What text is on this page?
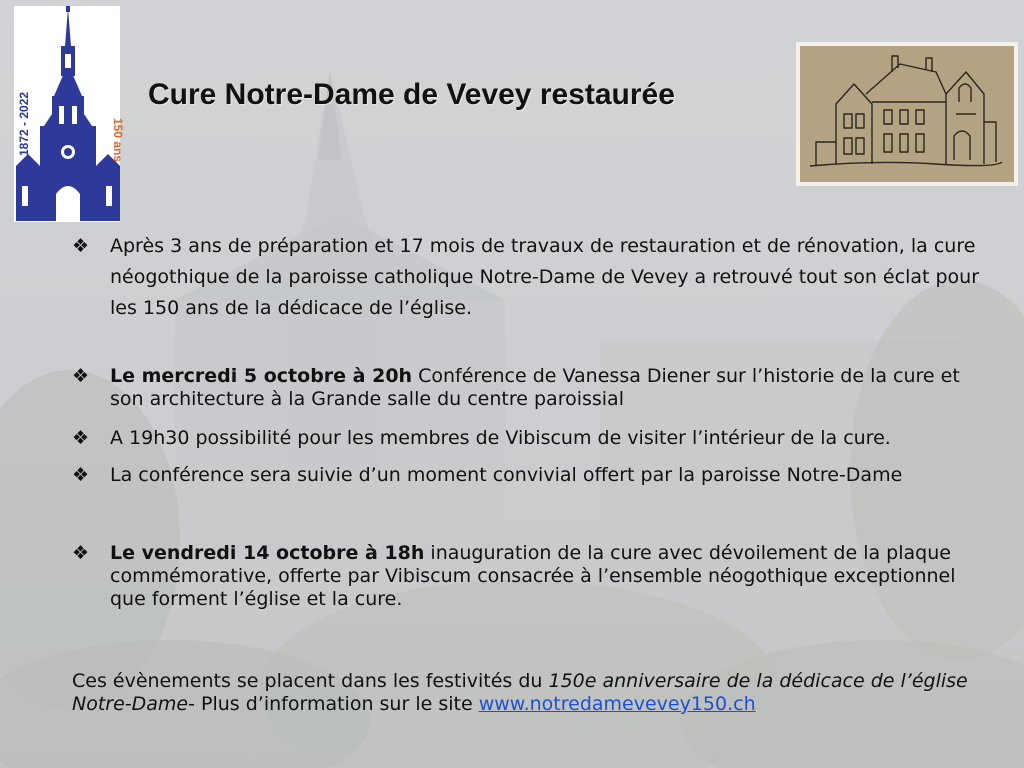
1872 - 2022	150 ans
Cure Notre-Dame de Vevey restaurée
❖	Après 3 ans de préparation et 17 mois de travaux de restauration et de rénovation, la cure néogothique de la paroisse catholique Notre-Dame de Vevey a retrouvé tout son éclat pour les 150 ans de la dédicace de l’église.
❖	Le mercredi 5 octobre à 20h Conférence de Vanessa Diener sur l’historie de la cure et son architecture à la Grande salle du centre paroissial
❖	A 19h30 possibilité pour les membres de Vibiscum de visiter l’intérieur de la cure.
❖	La conférence sera suivie d’un moment convivial offert par la paroisse Notre-Dame
❖	Le vendredi 14 octobre à 18h inauguration de la cure avec dévoilement de la plaque commémorative, offerte par Vibiscum consacrée à l’ensemble néogothique exceptionnel que forment l’église et la cure.
Ces évènements se placent dans les festivités du 150e anniversaire de la dédicace de l’église Notre-Dame- Plus d’information sur le site www.notredamevevey150.ch
